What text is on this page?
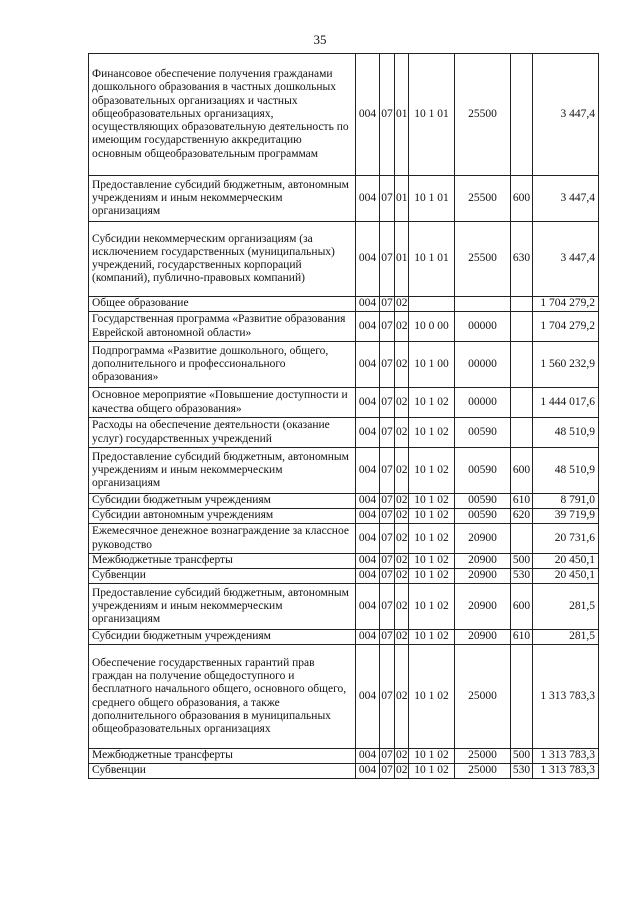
35
Финансовое обеспечение получения гражданами дошкольного образования в частных дошкольных образовательных организациях и частных общеобразовательных организациях, осуществляющих образовательную деятельность по имеющим государственную аккредитацию основным общеобразовательным программам	004	07	01	10 1 01	25500		3 447,4
Предоставление субсидий бюджетным, автономным учреждениям и иным некоммерческим организациям	004	07	01	10 1 01	25500	600	3 447,4
Субсидии некоммерческим организациям (за исключением государственных (муниципальных) учреждений, государственных корпораций (компаний), публично-правовых компаний)	004	07	01	10 1 01	25500	630	3 447,4
Общее образование	004	07	02				1 704 279,2
Государственная программа «Развитие образования Еврейской автономной области»	004	07	02	10 0 00	00000		1 704 279,2
Подпрограмма «Развитие дошкольного, общего, дополнительного и профессионального образования»	004	07	02	10 1 00	00000		1 560 232,9
Основное мероприятие «Повышение доступности и качества общего образования»	004	07	02	10 1 02	00000		1 444 017,6
Расходы на обеспечение деятельности (оказание услуг) государственных учреждений	004	07	02	10 1 02	00590		48 510,9
Предоставление субсидий бюджетным, автономным учреждениям и иным некоммерческим организациям	004	07	02	10 1 02	00590	600	48 510,9
Субсидии бюджетным учреждениям	004	07	02	10 1 02	00590	610	8 791,0
Субсидии автономным учреждениям	004	07	02	10 1 02	00590	620	39 719,9
Ежемесячное денежное вознаграждение за классное руководство	004	07	02	10 1 02	20900		20 731,6
Межбюджетные трансферты	004	07	02	10 1 02	20900	500	20 450,1
Субвенции	004	07	02	10 1 02	20900	530	20 450,1
Предоставление субсидий бюджетным, автономным учреждениям и иным некоммерческим организациям	004	07	02	10 1 02	20900	600	281,5
Субсидии бюджетным учреждениям	004	07	02	10 1 02	20900	610	281,5
Обеспечение государственных гарантий прав граждан на получение общедоступного и бесплатного начального общего, основного общего, среднего общего образования, а также дополнительного образования в муниципальных общеобразовательных организациях	004	07	02	10 1 02	25000		1 313 783,3
Межбюджетные трансферты	004	07	02	10 1 02	25000	500	1 313 783,3
Субвенции	004	07	02	10 1 02	25000	530	1 313 783,3
